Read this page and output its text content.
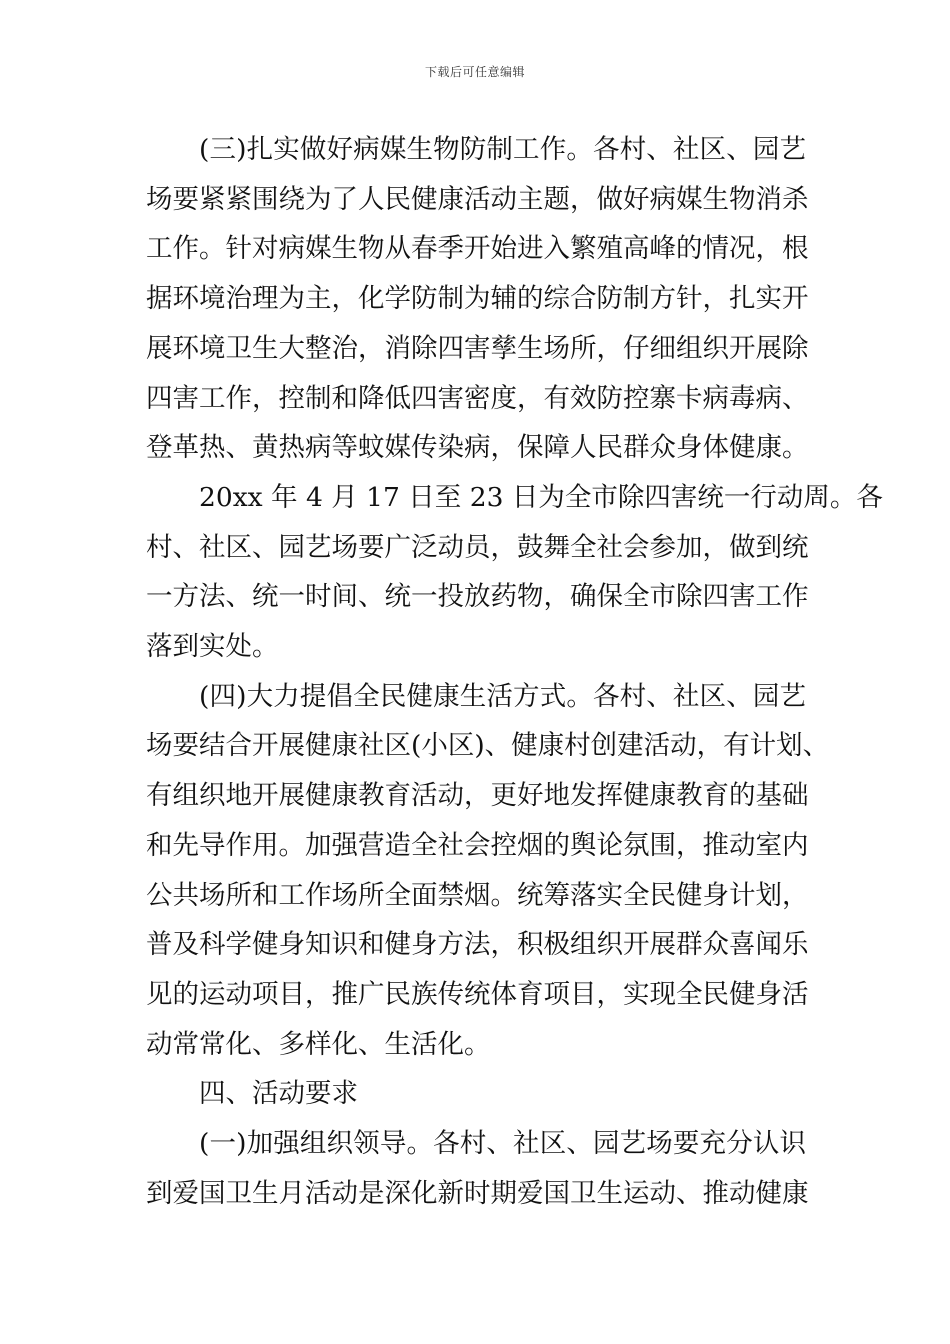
下载后可任意编辑
(三)扎实做好病媒生物防制工作。各村、社区、园艺
场要紧紧围绕为了人民健康活动主题，做好病媒生物消杀
工作。针对病媒生物从春季开始进入繁殖高峰的情况，根
据环境治理为主，化学防制为辅的综合防制方针，扎实开
展环境卫生大整治，消除四害孳生场所，仔细组织开展除
四害工作，控制和降低四害密度，有效防控寨卡病毒病、
登革热、黄热病等蚊媒传染病，保障人民群众身体健康。
20xx 年 4 月 17 日至 23 日为全市除四害统一行动周。各
村、社区、园艺场要广泛动员，鼓舞全社会参加，做到统
一方法、统一时间、统一投放药物，确保全市除四害工作
落到实处。
(四)大力提倡全民健康生活方式。各村、社区、园艺
场要结合开展健康社区(小区)、健康村创建活动，有计划、
有组织地开展健康教育活动，更好地发挥健康教育的基础
和先导作用。加强营造全社会控烟的舆论氛围，推动室内
公共场所和工作场所全面禁烟。统筹落实全民健身计划，
普及科学健身知识和健身方法，积极组织开展群众喜闻乐
见的运动项目，推广民族传统体育项目，实现全民健身活
动常常化、多样化、生活化。
四、活动要求
(一)加强组织领导。各村、社区、园艺场要充分认识
到爱国卫生月活动是深化新时期爱国卫生运动、推动健康
